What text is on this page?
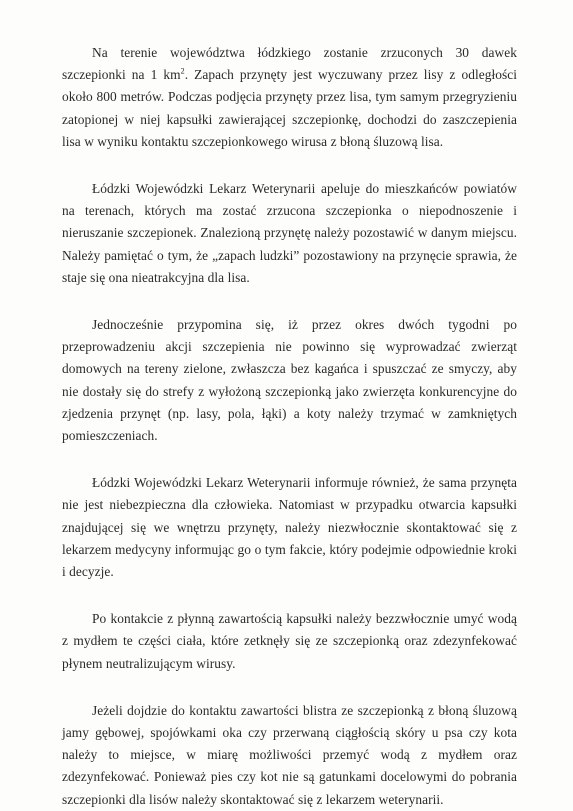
Na terenie województwa łódzkiego zostanie zrzuconych 30 dawek szczepionki na 1 $km^2$. Zapach przynęty jest wyczuwany przez lisy z odległości około 800 metrów. Podczas podjęcia przynęty przez lisa, tym samym przegryzieniu zatopionej w niej kapsułki zawierającej szczepionkę, dochodzi do zaszczepienia lisa w wyniku kontaktu szczepionkowego wirusa z błoną śluzową lisa.

Łódzki Wojewódzki Lekarz Weterynarii apeluje do mieszkańców powiatów na terenach, których ma zostać zrzucona szczepionka o niepodnoszenie i nieruszanie szczepionek. Znalezioną przynętę należy pozostawić w danym miejscu. Należy pamiętać o tym, że „zapach ludzki” pozostawiony na przynęcie sprawia, że staje się ona nieatrakcyjna dla lisa.

Jednocześnie przypomina się, iż przez okres dwóch tygodni po przeprowadzeniu akcji szczepienia nie powinno się wyprowadzać zwierząt domowych na tereny zielone, zwłaszcza bez kagańca i spuszczać ze smyczy, aby nie dostały się do strefy z wyłożoną szczepionką jako zwierzęta konkurencyjne do zjedzenia przynęt (np. lasy, pola, łąki) a koty należy trzymać w zamkniętych pomieszczeniach.

Łódzki Wojewódzki Lekarz Weterynarii informuje również, że sama przynęta nie jest niebezpieczna dla człowieka. Natomiast w przypadku otwarcia kapsułki znajdującej się we wnętrzu przynęty, należy niezwłocznie skontaktować się z lekarzem medycyny informując go o tym fakcie, który podejmie odpowiednie kroki i decyzje.

Po kontakcie z płynną zawartością kapsułki należy bezzwłocznie umyć wodą z mydłem te części ciała, które zetknęły się ze szczepionką oraz zdezynfekować płynem neutralizującym wirusy.

Jeżeli dojdzie do kontaktu zawartości blistra ze szczepionką z błoną śluzową jamy gębowej, spojówkami oka czy przerwaną ciągłością skóry u psa czy kota należy to miejsce, w miarę możliwości przemyć wodą z mydłem oraz zdezynfekować. Ponieważ pies czy kot nie są gatunkami docelowymi do pobrania szczepionki dla lisów należy skontaktować się z lekarzem weterynarii.
